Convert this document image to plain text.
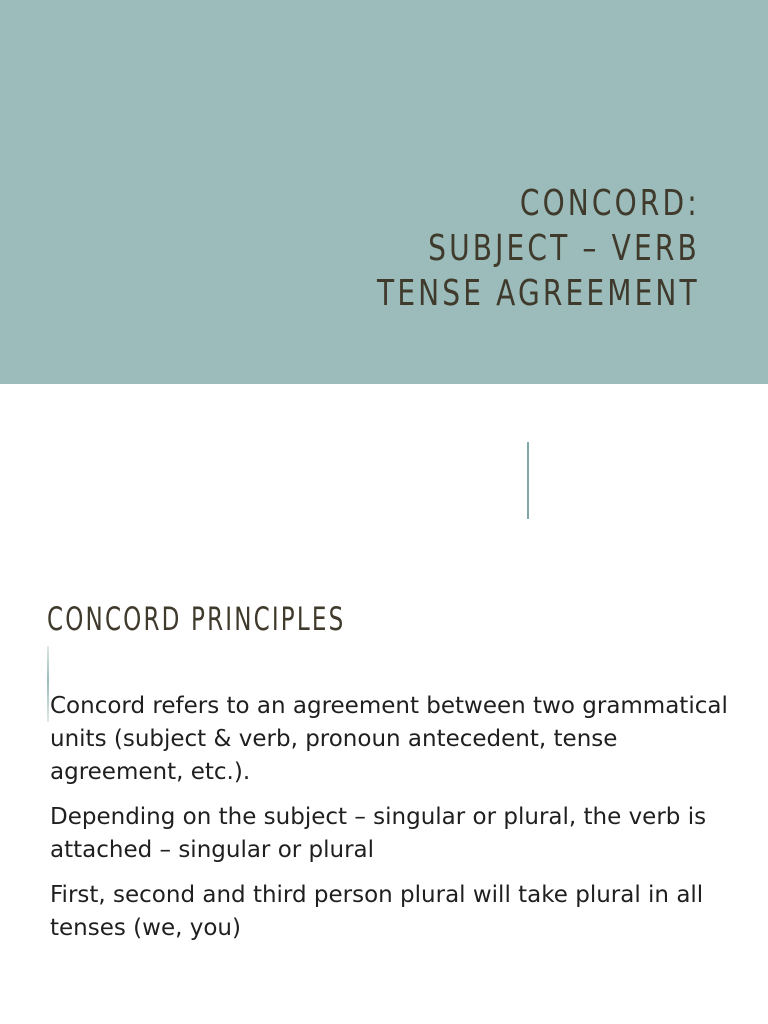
CONCORD:
SUBJECT – VERB
TENSE AGREEMENT
CONCORD PRINCIPLES

Concord refers to an agreement between two grammatical units (subject & verb, pronoun antecedent, tense agreement, etc.).

Depending on the subject – singular or plural, the verb is attached – singular or plural

First, second and third person plural will take plural in all tenses (we, you)
